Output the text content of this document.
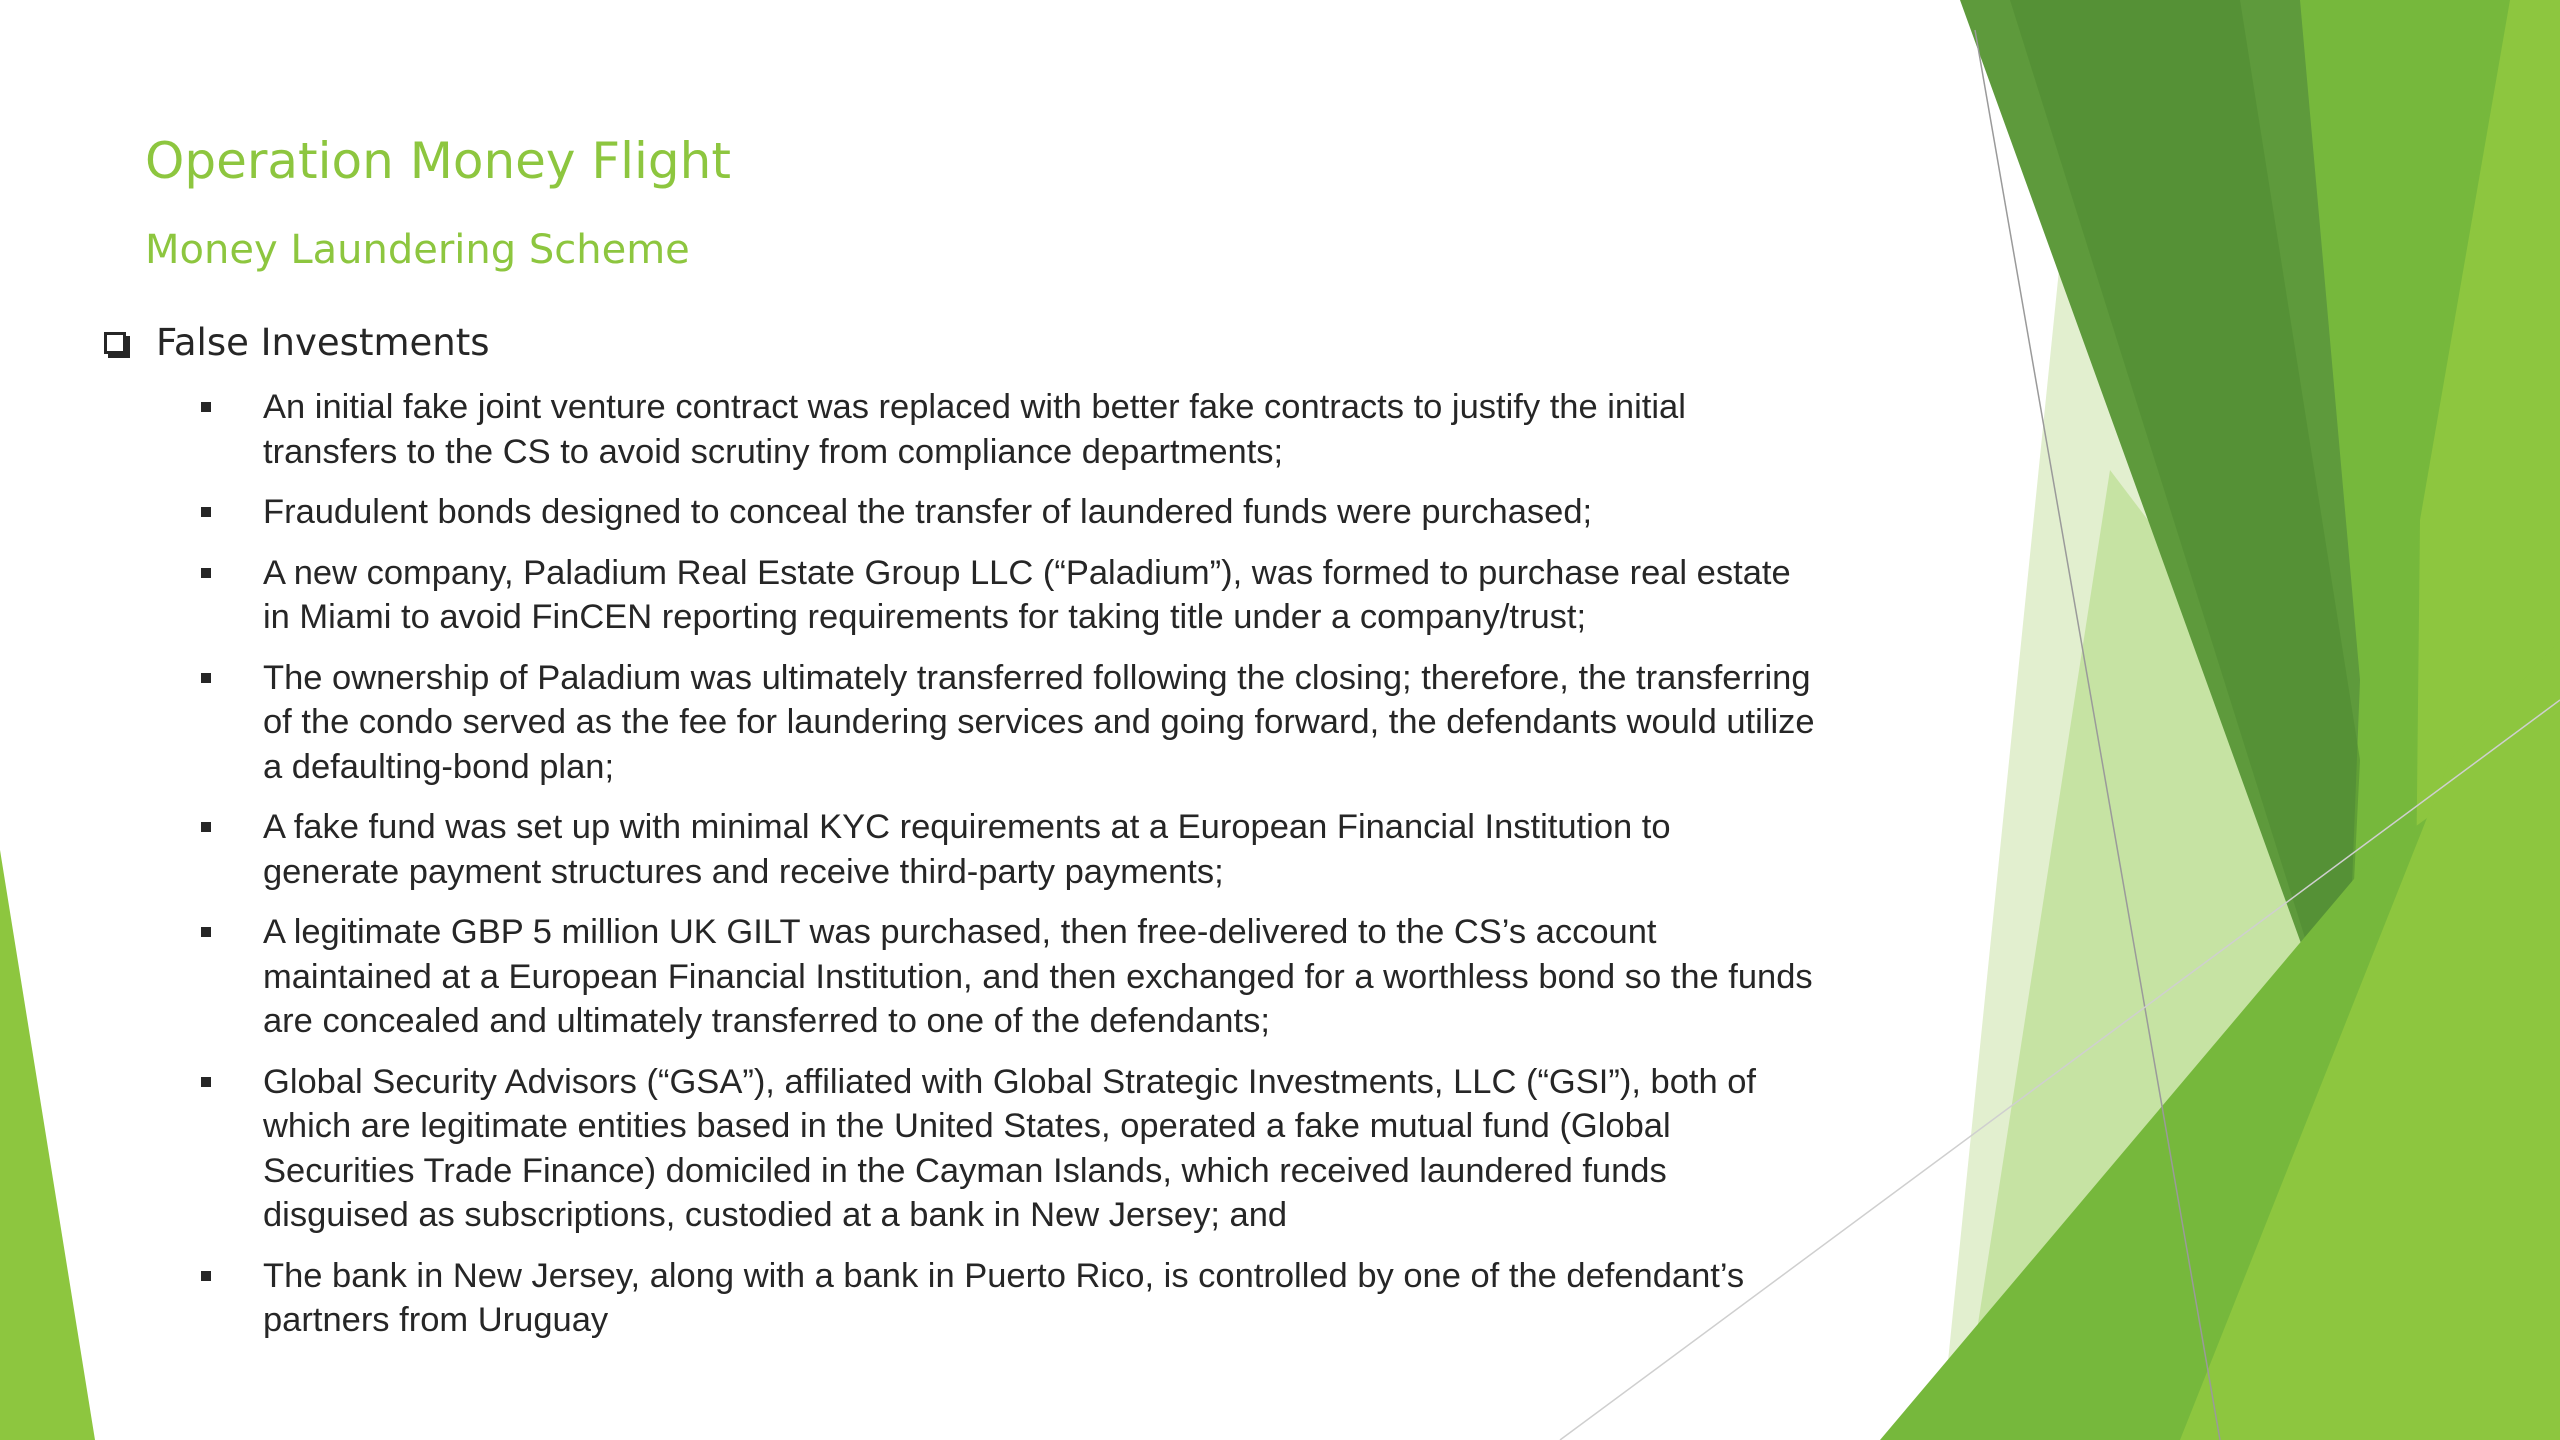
Operation Money Flight
Money Laundering Scheme
False Investments
An initial fake joint venture contract was replaced with better fake contracts to justify the initial transfers to the CS to avoid scrutiny from compliance departments;
Fraudulent bonds designed to conceal the transfer of laundered funds were purchased;
A new company, Paladium Real Estate Group LLC (“Paladium”), was formed to purchase real estate in Miami to avoid FinCEN reporting requirements for taking title under a company/trust;
The ownership of Paladium was ultimately transferred following the closing; therefore, the transferring of the condo served as the fee for laundering services and going forward, the defendants would utilize a defaulting-bond plan;
A fake fund was set up with minimal KYC requirements at a European Financial Institution to generate payment structures and receive third-party payments;
A legitimate GBP 5 million UK GILT was purchased, then free-delivered to the CS’s account maintained at a European Financial Institution, and then exchanged for a worthless bond so the funds are concealed and ultimately transferred to one of the defendants;
Global Security Advisors (“GSA”), affiliated with Global Strategic Investments, LLC (“GSI”), both of which are legitimate entities based in the United States, operated a fake mutual fund (Global Securities Trade Finance) domiciled in the Cayman Islands, which received laundered funds disguised as subscriptions, custodied at a bank in New Jersey; and
The bank in New Jersey, along with a bank in Puerto Rico, is controlled by one of the defendant’s partners from Uruguay
